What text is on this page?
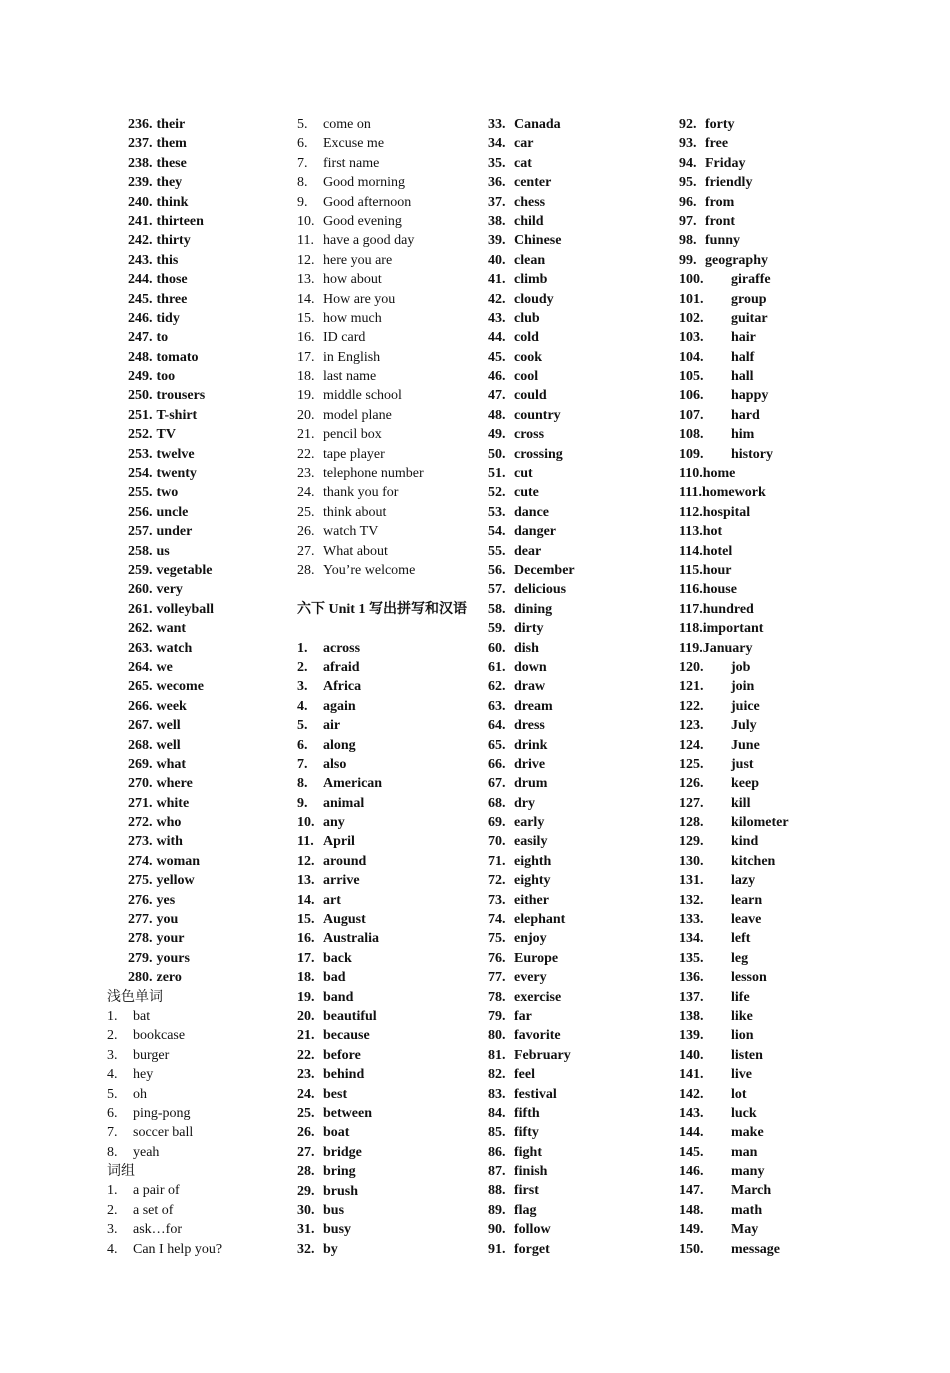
236. their
237. them
238. these
239. they
240. think
241. thirteen
242. thirty
243. this
244. those
245. three
246. tidy
247. to
248. tomato
249. too
250. trousers
251. T-shirt
252. TV
253. twelve
254. twenty
255. two
256. uncle
257. under
258. us
259. vegetable
260. very
261. volleyball
262. want
263. watch
264. we
265. wecome
266. week
267. well
268. well
269. what
270. where
271. white
272. who
273. with
274. woman
275. yellow
276. yes
277. you
278. your
279. yours
280. zero
浅色单词
1.	bat
2.	bookcase
3.	burger
4.	hey
5.	oh
6.	ping-pong
7.	soccer ball
8.	yeah
词组
1.	a pair of
2.	a set of
3.	ask…for
4.	Can I help you?
5.	come on
6.	Excuse me
7.	first name
8.	Good morning
9.	Good afternoon
10. Good evening
11. have a good day
12. here you are
13. how about
14. How are you
15. how much
16. ID card
17. in English
18. last name
19. middle school
20. model plane
21. pencil box
22. tape player
23. telephone number
24. thank you for
25. think about
26. watch TV
27. What about
28. You’re welcome
六下 Unit 1 写出拼写和汉语
1.	across
2.	afraid
3.	Africa
4.	again
5.	air
6.	along
7.	also
8.	American
9.	animal
10. any
11. April
12. around
13. arrive
14. art
15. August
16. Australia
17. back
18. bad
19. band
20. beautiful
21. because
22. before
23. behind
24. best
25. between
26. boat
27. bridge
28. bring
29. brush
30. bus
31. busy
32. by
33. Canada
34. car
35. cat
36. center
37. chess
38. child
39. Chinese
40. clean
41. climb
42. cloudy
43. club
44. cold
45. cook
46. cool
47. could
48. country
49. cross
50. crossing
51. cut
52. cute
53. dance
54. danger
55. dear
56. December
57. delicious
58. dining
59. dirty
60. dish
61. down
62. draw
63. dream
64. dress
65. drink
66. drive
67. drum
68. dry
69. early
70. easily
71. eighth
72. eighty
73. either
74. elephant
75. enjoy
76. Europe
77. every
78. exercise
79. far
80. favorite
81. February
82. feel
83. festival
84. fifth
85. fifty
86. fight
87. finish
88. first
89. flag
90. follow
91. forget
92. forty
93. free
94. Friday
95. friendly
96. from
97. front
98. funny
99. geography
100.	giraffe
101.	group
102.	guitar
103.	hair
104.	half
105.	hall
106.	happy
107.	hard
108.	him
109.	history
110. home
111. homework
112. hospital
113. hot
114. hotel
115. hour
116. house
117. hundred
118. important
119. January
120.	job
121.	join
122.	juice
123.	July
124.	June
125.	just
126.	keep
127.	kill
128.	kilometer
129.	kind
130.	kitchen
131.	lazy
132.	learn
133.	leave
134.	left
135.	leg
136.	lesson
137.	life
138.	like
139.	lion
140.	listen
141.	live
142.	lot
143.	luck
144.	make
145.	man
146.	many
147.	March
148.	math
149.	May
150.	message
